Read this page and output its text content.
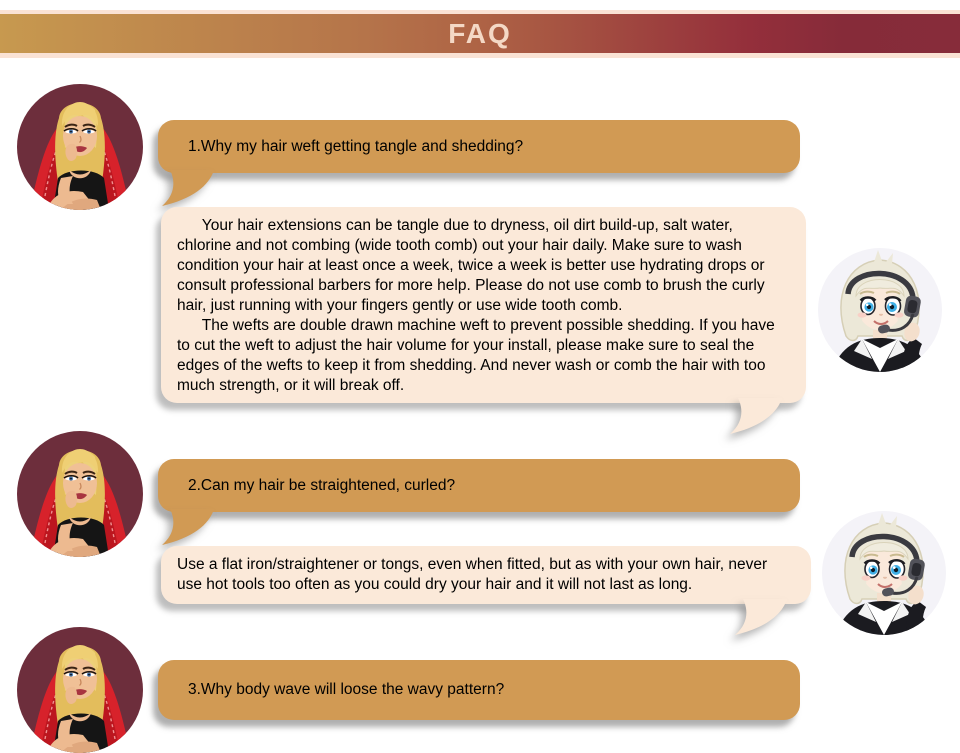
FAQ
1.Why my hair weft getting tangle and shedding?

Your hair extensions can be tangle due to dryness, oil dirt build-up, salt water, chlorine and not combing (wide tooth comb) out your hair daily. Make sure to wash condition your hair at least once a week, twice a week is better use hydrating drops or consult professional barbers for more help. Please do not use comb to brush the curly hair, just running with your fingers gently or use wide tooth comb.

The wefts are double drawn machine weft to prevent possible shedding. If you have to cut the weft to adjust the hair volume for your install, please make sure to seal the edges of the wefts to keep it from shedding. And never wash or comb the hair with too much strength, or it will break off.

2.Can my hair be straightened, curled?

Use a flat iron/straightener or tongs, even when fitted, but as with your own hair, never use hot tools too often as you could dry your hair and it will not last as long.

3.Why body wave will loose the wavy pattern?
